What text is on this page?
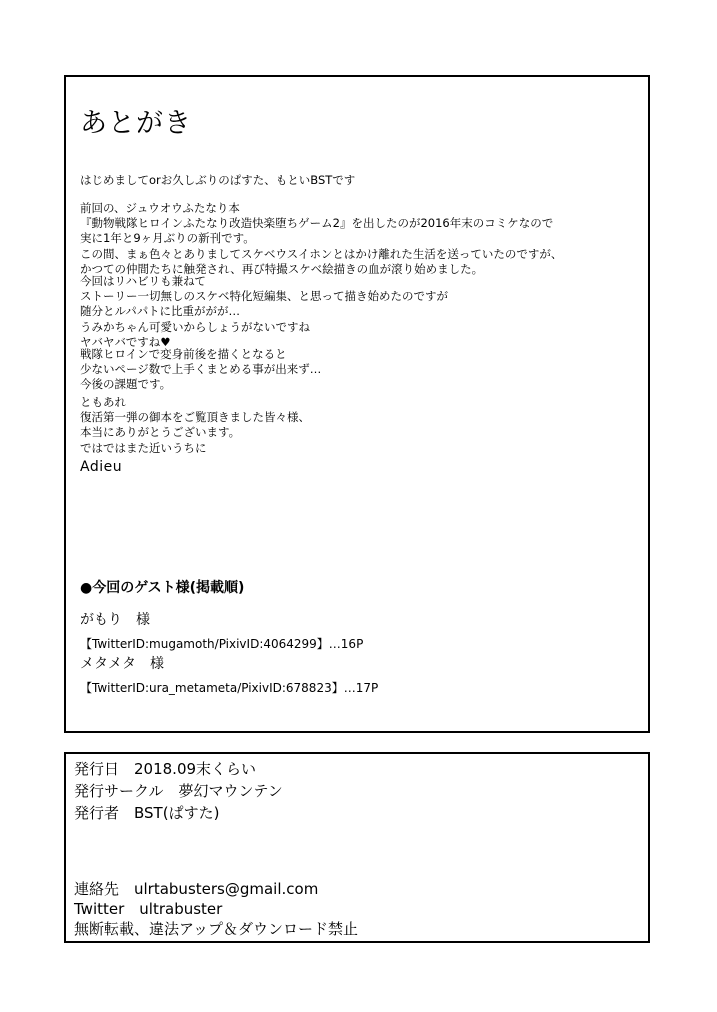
あとがき
はじめましてorお久しぶりのぱすた、もといBSTです
前回の、ジュウオウふたなり本
『動物戦隊ヒロインふたなり改造快楽堕ちゲーム2』を出したのが2016年末のコミケなので
実に1年と9ヶ月ぶりの新刊です。
この間、まぁ色々とありましてスケベウスイホンとはかけ離れた生活を送っていたのですが、
かつての仲間たちに触発され、再び特撮スケベ絵描きの血が滾り始めました。
今回はリハビリも兼ねて
ストーリー一切無しのスケベ特化短編集、と思って描き始めたのですが
随分とルパパトに比重ががが…
うみかちゃん可愛いからしょうがないですね
ヤバヤバですね♥
戦隊ヒロインで変身前後を描くとなると
少ないページ数で上手くまとめる事が出来ず…
今後の課題です。
ともあれ
復活第一弾の御本をご覧頂きました皆々様、
本当にありがとうございます。
ではではまた近いうちに
Adieu
●今回のゲスト様(掲載順)
がもり　様
【TwitterID:mugamoth/PixivID:4064299】…16P
メタメタ　様
【TwitterID:ura_metameta/PixivID:678823】…17P
発行日　2018.09末くらい
発行サークル　夢幻マウンテン
発行者　BST(ぱすた)
連絡先　ulrtabusters@gmail.com
Twitter　ultrabuster
無断転載、違法アップ＆ダウンロード禁止
